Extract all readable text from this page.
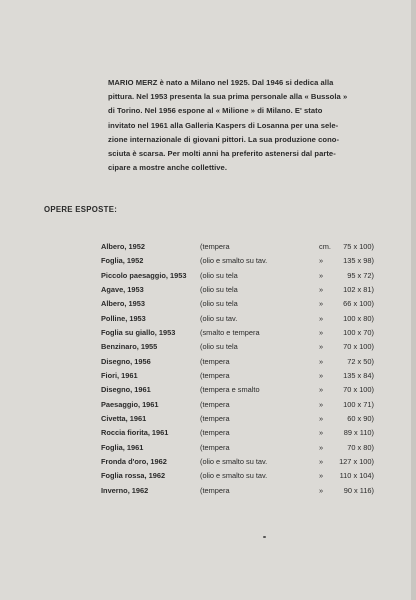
MARIO MERZ è nato a Milano nel 1925. Dal 1946 si dedica alla
pittura. Nel 1953 presenta la sua prima personale alla « Bussola »
di Torino. Nel 1956 espone al « Milione » di Milano. E' stato
invitato nel 1961 alla Galleria Kaspers di Losanna per una sele-
zione internazionale di giovani pittori. La sua produzione cono-
sciuta è scarsa. Per molti anni ha preferito astenersi dal parte-
cipare a mostre anche collettive.
OPERE ESPOSTE:
Albero, 1952	(tempera	cm.	75 x 100)
Foglia, 1952	(olio e smalto su tav.	»	135 x 98)
Piccolo paesaggio, 1953 (olio su tela	»	95 x 72)
Agave, 1953	(olio su tela	»	102 x 81)
Albero, 1953	(olio su tela	»	66 x 100)
Polline, 1953	(olio su tav.	»	100 x 80)
Foglia su giallo, 1953	(smalto e tempera	»	100 x 70)
Benzinaro, 1955	(olio su tela	»	70 x 100)
Disegno, 1956	(tempera	»	72 x 50)
Fiori, 1961	(tempera	»	135 x 84)
Disegno, 1961	(tempera e smalto	»	70 x 100)
Paesaggio, 1961	(tempera	»	100 x 71)
Civetta, 1961	(tempera	»	60 x 90)
Roccia fiorita, 1961	(tempera	»	89 x 110)
Foglia, 1961	(tempera	»	70 x 80)
Fronda d'oro, 1962	(olio e smalto su tav.	»	127 x 100)
Foglia rossa, 1962	(olio e smalto su tav.	»	110 x 104)
Inverno, 1962	(tempera	»	90 x 116)
